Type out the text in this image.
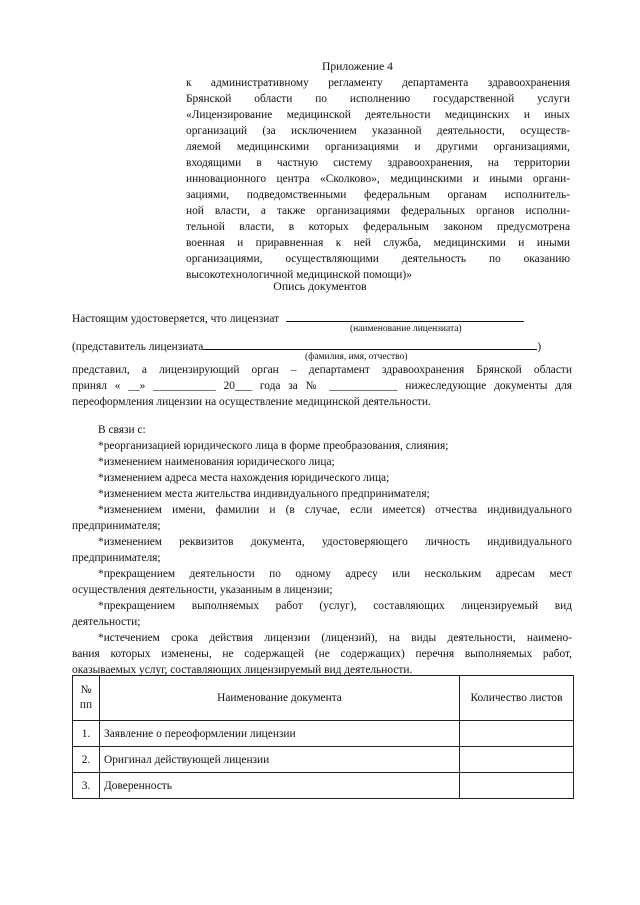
Приложение 4
к административному регламенту департамента здравоохранения
Брянской области по исполнению государственной услуги
«Лицензирование медицинской деятельности медицинских и иных
организаций (за исключением указанной деятельности, осуществ-
ляемой медицинскими организациями и другими организациями,
входящими в частную систему здравоохранения, на территории
инновационного центра «Сколково», медицинскими и иными органи-
зациями, подведомственными федеральным органам исполнитель-
ной власти, а также организациями федеральных органов исполни-
тельной власти, в которых федеральным законом предусмотрена
военная и приравненная к ней служба, медицинскими и иными
организациями, осуществляющими деятельность по оказанию
высокотехнологичной медицинской помощи)»
Опись документов
Настоящим удостоверяется, что лицензиат
(наименование лицензиата)
(представитель лицензиата	)
(фамилия, имя, отчество)
представил, а лицензирующий орган – департамент здравоохранения Брянской области
принял « __» ___________ 20___ года за № ____________ нижеследующие документы для
переоформления лицензии на осуществление медицинской деятельности.
В связи с:
*реорганизацией юридического лица в форме преобразования, слияния;
*изменением наименования юридического лица;
*изменением адреса места нахождения юридического лица;
*изменением места жительства индивидуального предпринимателя;
*изменением имени, фамилии и (в случае, если имеется) отчества индивидуального
предпринимателя;
*изменением реквизитов документа, удостоверяющего личность индивидуального
предпринимателя;
*прекращением деятельности по одному адресу или нескольким адресам мест
осуществления деятельности, указанным в лицензии;
*прекращением выполняемых работ (услуг), составляющих лицензируемый вид
деятельности;
*истечением срока действия лицензии (лицензий), на виды деятельности, наимено-
вания которых изменены, не содержащей (не содержащих) перечня выполняемых работ,
оказываемых услуг, составляющих лицензируемый вид деятельности.
№ пп	Наименование документа	Количество листов
1.	Заявление о переоформлении лицензии	
2.	Оригинал действующей лицензии	
3.	Доверенность	
